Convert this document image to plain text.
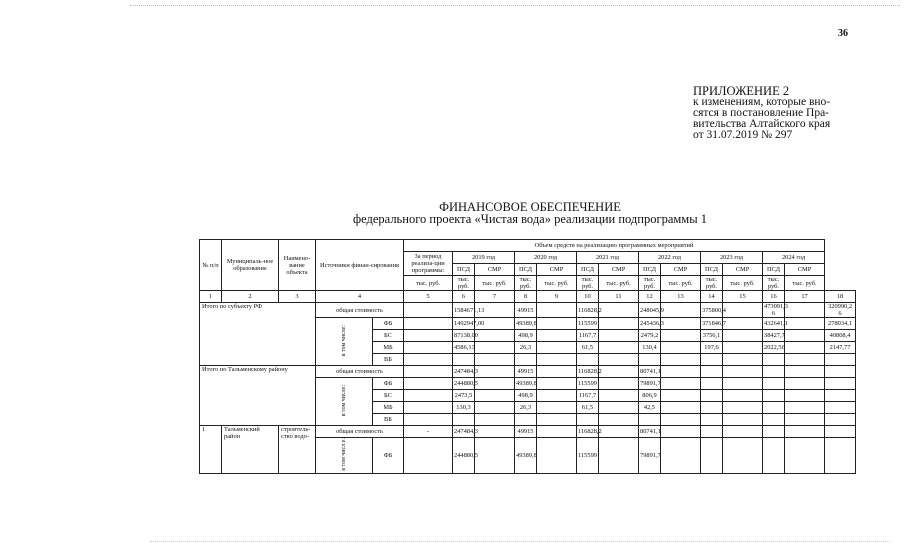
36
ПРИЛОЖЕНИЕ 2
к изменениям, которые вно-
сятся в постановление Пра-
вительства Алтайского края
от 31.07.2019 № 297
ФИНАНСОВОЕ ОБЕСПЕЧЕНИЕ
федерального проекта «Чистая вода» реализации подпрограммы 1
№ п/п	Муниципаль-ное образование	Наимено-вание объекта	Источники финан-сирования		Объем средств на реализацию программных мероприятий													
					За период реализа-ции программы:	2019 год		2020 год		2021 год		2022 год		2023 год		2024 год		
						ПСД	СМР	ПСД	СМР	ПСД	СМР	ПСД	СМР	ПСД	СМР	ПСД	СМР	
					тыс. руб.	тыс. руб.	тыс. руб.	тыс. руб.	тыс. руб.	тыс. руб.	тыс. руб.	тыс. руб.	тыс. руб.	тыс. руб.	тыс. руб.	тыс. руб.	тыс. руб.	
1	2	3	4		5	6	7	8	9	10	11	12	13	14	15	16	17	18
Итого по субъекту РФ			общая стоимость			1584671,13		49915		116828,2		248045,9		375800,4		473091,3 6		320990,2 6
			в том числе:	ФБ		1492947,00		49389,8		115599		245436,3		371846,7		432641,1		278034,1
				БС		87138,00		498,9		1167,7		2479,2		3756,1		38427,7		40808,4
				МБ		4586,13		26,3		61,5		130,4		197,6		2022,56		2147,77
				ВБ														
Итого по Тальменскому району			общая стоимость			247484,3		49915		116828,2		80741,1						
			в том числе:	ФБ		244880,5		49389,8		115599		79891,7						
				БС		2473,5		498,9		1167,7		806,9						
				МБ		130,3		26,3		61,5		42,5						
				ВБ														
1	Тальменский район	строитель-ство водо-	общая стоимость		-	247484,3		49915		116828,2		80741,1						
			в том числ е:	ФБ		244880,5		49389,8		115599		79891,7						
